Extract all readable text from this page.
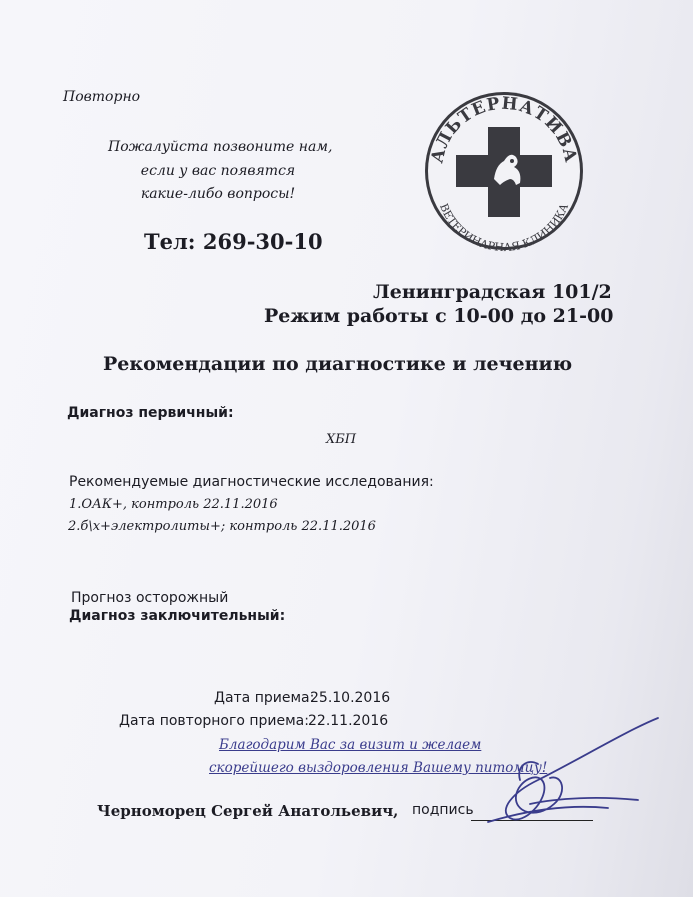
Повторно
Пожалуйста позвоните нам,
если у вас появятся
какие-либо вопросы!
Тел: 269-30-10
АЛЬТЕРНАТИВА
ВЕТЕРИНАРНАЯ КЛИНИКА
Ленинградская 101/2
Режим работы с 10-00 до 21-00
Рекомендации по диагностике и лечению
Диагноз первичный:
ХБП
Рекомендуемые диагностические исследования:
1.ОАК+, контроль 22.11.2016
2.б\х+электролиты+; контроль 22.11.2016
Прогноз осторожный
Диагноз заключительный:
Дата приема:
25.10.2016
Дата повторного приема: 22.11.2016
Благодарим Вас за визит и желаем
скорейшего выздоровления Вашему питомцу!
Черноморец Сергей Анатольевич, подпись
